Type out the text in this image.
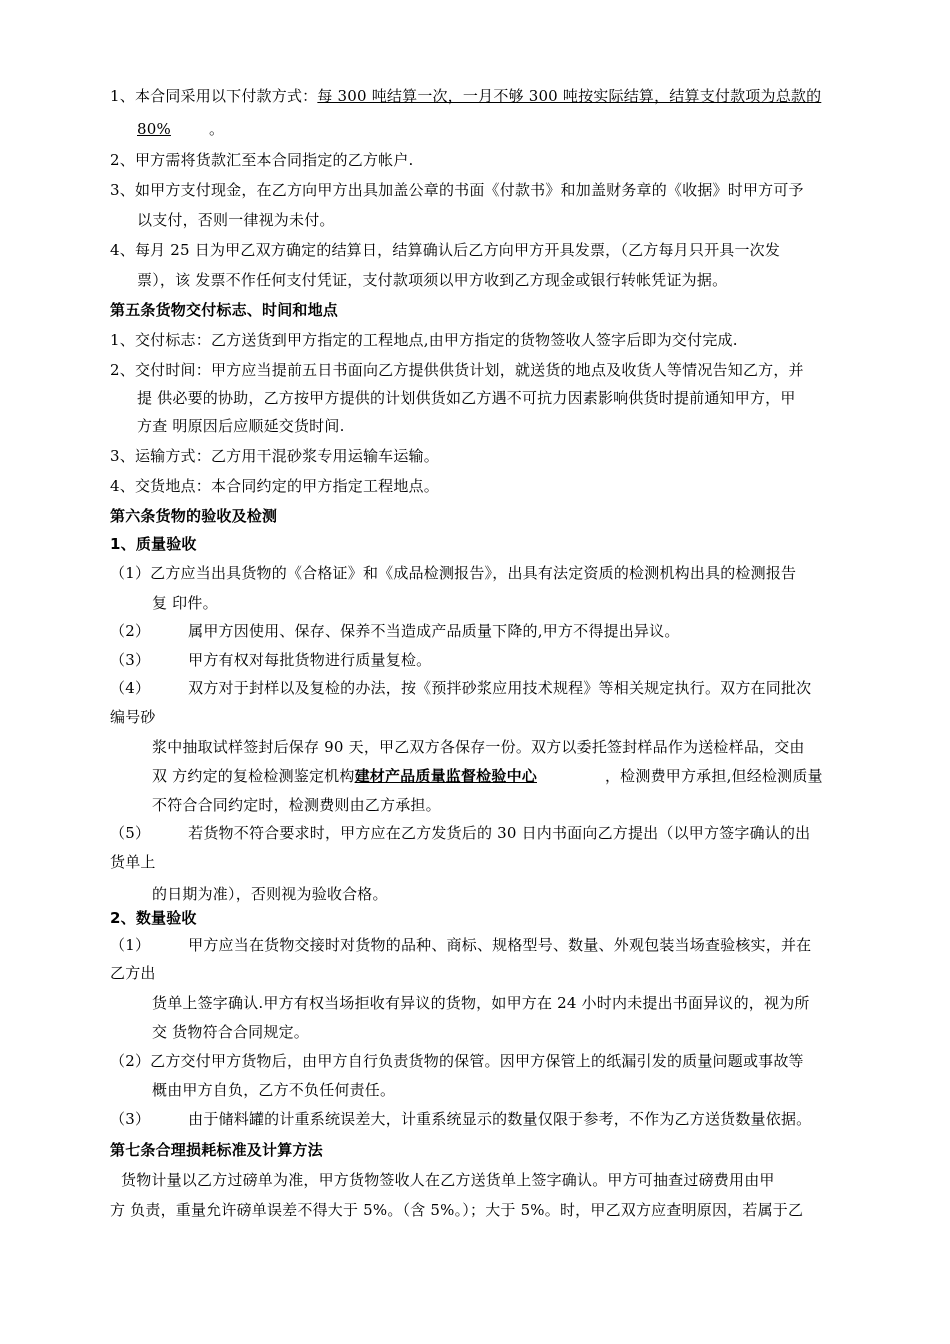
1、本合同采用以下付款方式：每 300 吨结算一次，一月不够 300 吨按实际结算，结算支付款项为总款的
80%	。
2、甲方需将货款汇至本合同指定的乙方帐户.
3、如甲方支付现金，在乙方向甲方出具加盖公章的书面《付款书》和加盖财务章的《收据》时甲方可予
以支付，否则一律视为未付。
4、每月 25 日为甲乙双方确定的结算日，结算确认后乙方向甲方开具发票，（乙方每月只开具一次发
票），该 发票不作任何支付凭证，支付款项须以甲方收到乙方现金或银行转帐凭证为据。
第五条货物交付标志、时间和地点
1、交付标志：乙方送货到甲方指定的工程地点,由甲方指定的货物签收人签字后即为交付完成.
2、交付时间：甲方应当提前五日书面向乙方提供供货计划，就送货的地点及收货人等情况告知乙方，并
提 供必要的协助，乙方按甲方提供的计划供货如乙方遇不可抗力因素影响供货时提前通知甲方，甲
方查 明原因后应顺延交货时间.
3、运输方式：乙方用干混砂浆专用运输车运输。
4、交货地点：本合同约定的甲方指定工程地点。
第六条货物的验收及检测
1、质量验收
（1）乙方应当出具货物的《合格证》和《成品检测报告》，出具有法定资质的检测机构出具的检测报告
复 印件。
（2）	属甲方因使用、保存、保养不当造成产品质量下降的,甲方不得提出异议。
（3）	甲方有权对每批货物进行质量复检。
（4）	双方对于封样以及复检的办法，按《预拌砂浆应用技术规程》等相关规定执行。双方在同批次
编号砂
浆中抽取试样签封后保存 90 天，甲乙双方各保存一份。双方以委托签封样品作为送检样品，交由
双 方约定的复检检测鉴定机构建材产品质量监督检验中心	，检测费甲方承担,但经检测质量
不符合合同约定时，检测费则由乙方承担。
（5）	若货物不符合要求时，甲方应在乙方发货后的 30 日内书面向乙方提出（以甲方签字确认的出
货单上
的日期为准），否则视为验收合格。
2、数量验收
（1）	甲方应当在货物交接时对货物的品种、商标、规格型号、数量、外观包装当场查验核实，并在
乙方出
货单上签字确认.甲方有权当场拒收有异议的货物，如甲方在 24 小时内未提出书面异议的，视为所
交 货物符合合同规定。
（2）乙方交付甲方货物后，由甲方自行负责货物的保管。因甲方保管上的纸漏引发的质量问题或事故等
概由甲方自负，乙方不负任何责任。
（3）	由于储料罐的计重系统误差大，计重系统显示的数量仅限于参考，不作为乙方送货数量依据。
第七条合理损耗标准及计算方法
货物计量以乙方过磅单为准，甲方货物签收人在乙方送货单上签字确认。甲方可抽查过磅费用由甲
方 负责，重量允许磅单误差不得大于 5%。（含 5%。）；大于 5%。时，甲乙双方应查明原因，若属于乙
